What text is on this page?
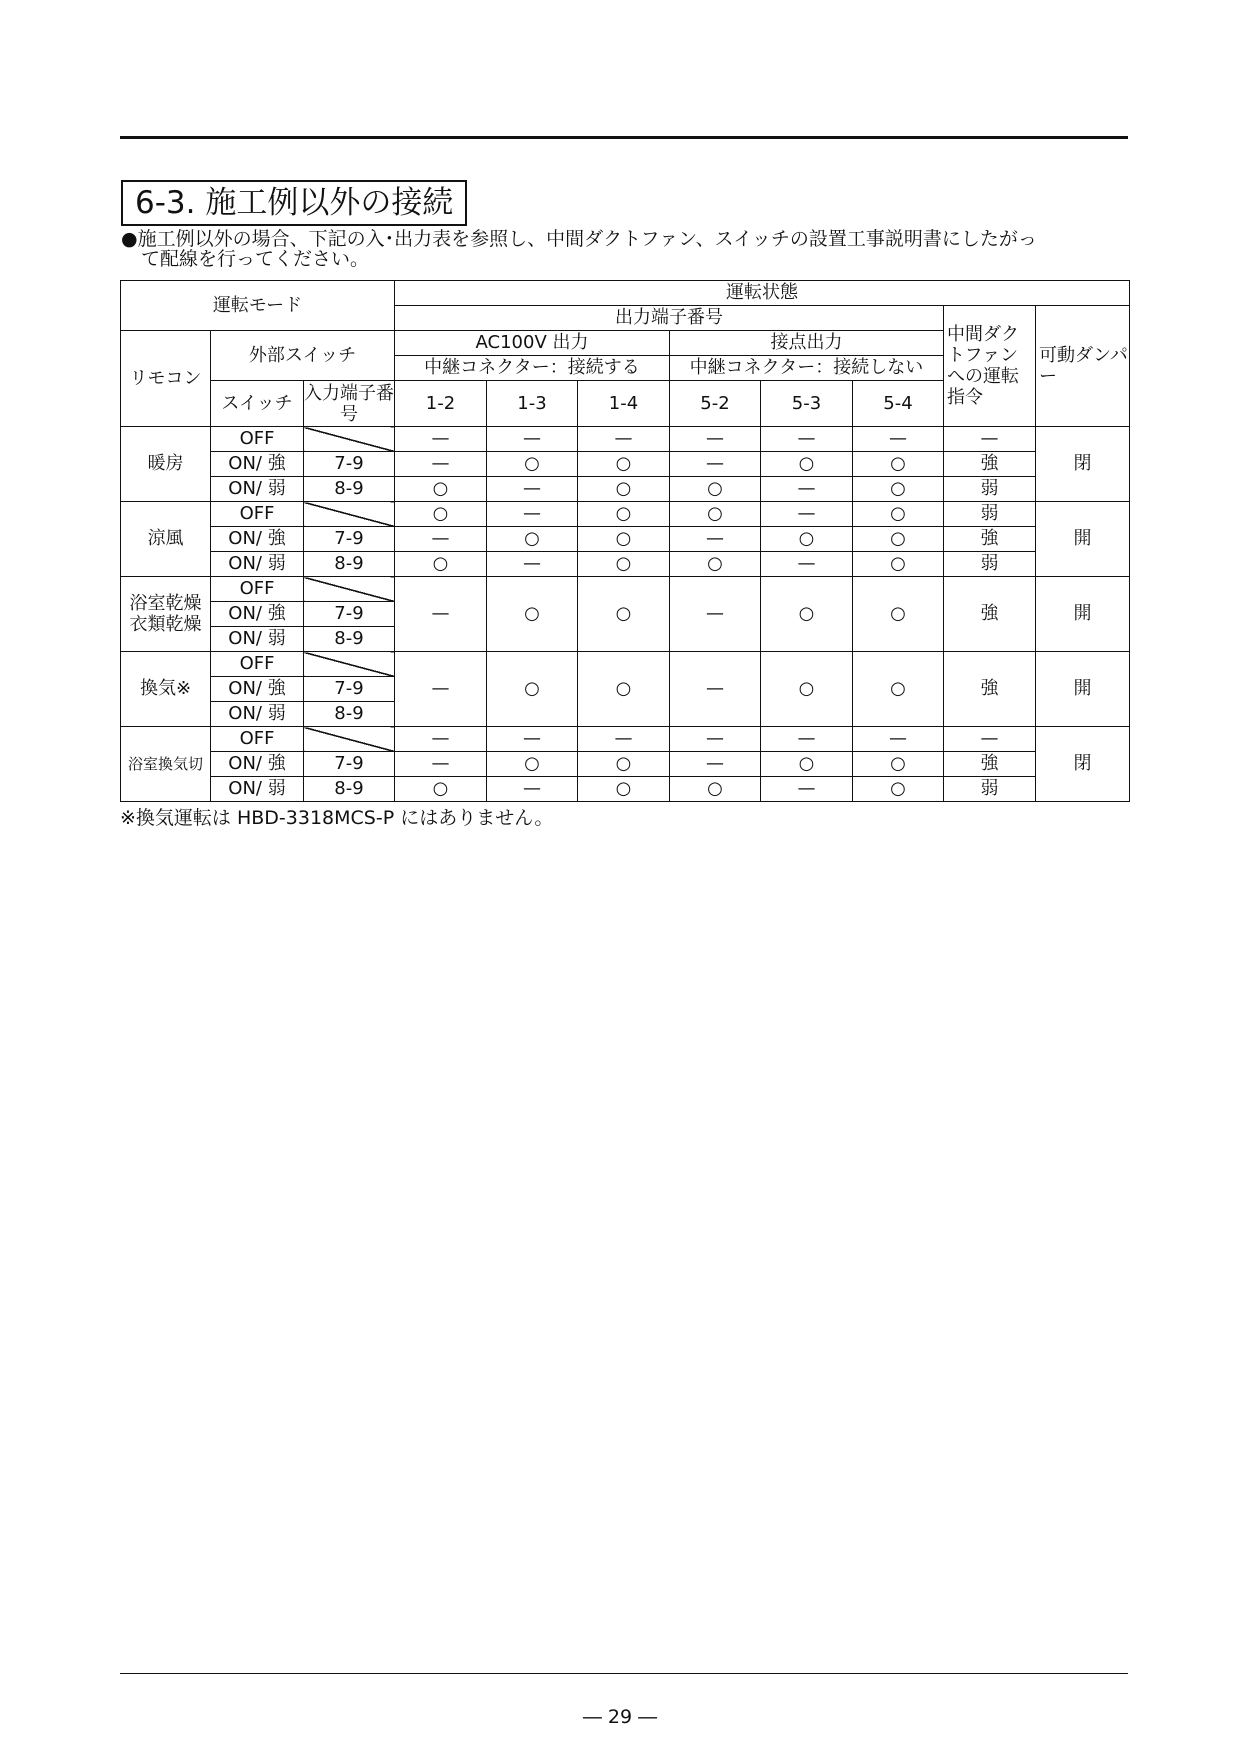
6-3. 施工例以外の接続
●施工例以外の場合、下記の入･出力表を参照し、中間ダクトファン、スイッチの設置工事説明書にしたがっ
て配線を行ってください。
運転モード			運転状態							
			出力端子番号						中間ダクトファンへの運転指令	可動ダンパー
リモコン	外部スイッチ		AC100V 出力			接点出力				
			中継コネクター：接続する			中継コネクター：接続しない				
	スイッチ	入力端子番号	1-2	1-3	1-4	5-2	5-3	5-4		
暖房	OFF		—	—	—	—	—	—	—	閉
	ON/ 強	7-9	—	○	○	—	○	○	強	
	ON/ 弱	8-9	○	—	○	○	—	○	弱	
涼風	OFF		○	—	○	○	—	○	弱	開
	ON/ 強	7-9	—	○	○	—	○	○	強	
	ON/ 弱	8-9	○	—	○	○	—	○	弱	

浴室乾燥
衣類乾燥	OFF		—	○	○	—	○	○	強	開
	ON/ 強	7-9								
	ON/ 弱	8-9								
換気※	OFF		—	○	○	—	○	○	強	開
	ON/ 強	7-9								
	ON/ 弱	8-9								
浴室換気切	OFF		—	—	—	—	—	—	—	閉
	ON/ 強	7-9	—	○	○	—	○	○	強	
	ON/ 弱	8-9	○	—	○	○	—	○	弱	
※換気運転は HBD-3318MCS-P にはありません。
― 29 ―
